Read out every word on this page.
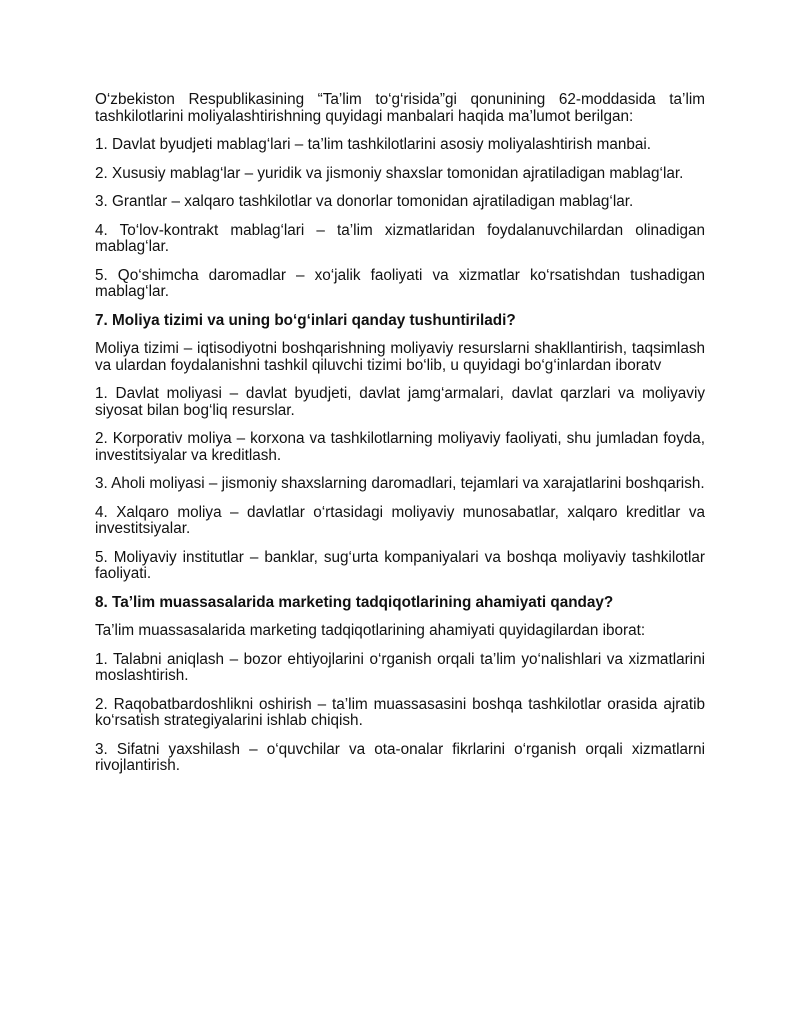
O‘zbekiston Respublikasining “Ta’lim to‘g‘risida”gi qonunining 62-moddasida ta’lim tashkilotlarini moliyalashtirishning quyidagi manbalari haqida ma’lumot berilgan:

1. Davlat byudjeti mablag‘lari – ta’lim tashkilotlarini asosiy moliyalashtirish manbai.

2. Xususiy mablag‘lar – yuridik va jismoniy shaxslar tomonidan ajratiladigan mablag‘lar.

3. Grantlar – xalqaro tashkilotlar va donorlar tomonidan ajratiladigan mablag‘lar.

4. To‘lov-kontrakt mablag‘lari – ta’lim xizmatlaridan foydalanuvchilardan olinadigan mablag‘lar.

5. Qo‘shimcha daromadlar – xo‘jalik faoliyati va xizmatlar ko‘rsatishdan tushadigan mablag‘lar.

7. Moliya tizimi va uning bo‘g‘inlari qanday tushuntiriladi?

Moliya tizimi – iqtisodiyotni boshqarishning moliyaviy resurslarni shakllantirish, taqsimlash va ulardan foydalanishni tashkil qiluvchi tizimi bo‘lib, u quyidagi bo‘g‘inlardan iboratv

1. Davlat moliyasi – davlat byudjeti, davlat jamg‘armalari, davlat qarzlari va moliyaviy siyosat bilan bog‘liq resurslar.

2. Korporativ moliya – korxona va tashkilotlarning moliyaviy faoliyati, shu jumladan foyda, investitsiyalar va kreditlash.

3. Aholi moliyasi – jismoniy shaxslarning daromadlari, tejamlari va xarajatlarini boshqarish.

4. Xalqaro moliya – davlatlar o‘rtasidagi moliyaviy munosabatlar, xalqaro kreditlar va investitsiyalar.

5. Moliyaviy institutlar – banklar, sug‘urta kompaniyalari va boshqa moliyaviy tashkilotlar faoliyati.

8. Ta’lim muassasalarida marketing tadqiqotlarining ahamiyati qanday?

Ta’lim muassasalarida marketing tadqiqotlarining ahamiyati quyidagilardan iborat:

1. Talabni aniqlash – bozor ehtiyojlarini o‘rganish orqali ta’lim yo‘nalishlari va xizmatlarini moslashtirish.

2. Raqobatbardoshlikni oshirish – ta’lim muassasasini boshqa tashkilotlar orasida ajratib ko‘rsatish strategiyalarini ishlab chiqish.

3. Sifatni yaxshilash – o‘quvchilar va ota-onalar fikrlarini o‘rganish orqali xizmatlarni rivojlantirish.
